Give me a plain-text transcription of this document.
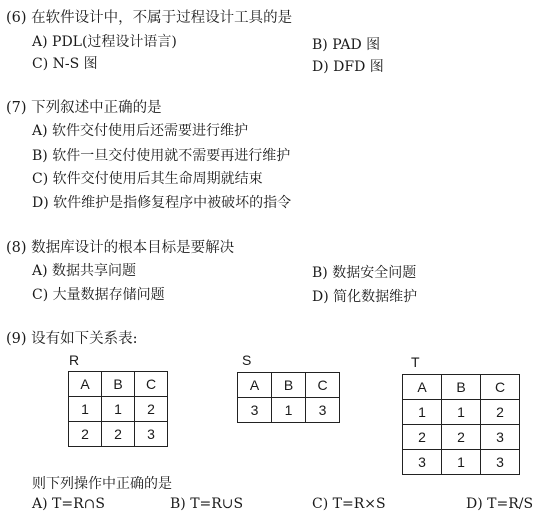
(6) 在软件设计中，不属于过程设计工具的是
A) PDL(过程设计语言)	B) PAD 图
C) N-S 图	D) DFD 图
(7) 下列叙述中正确的是
A) 软件交付使用后还需要进行维护
B) 软件一旦交付使用就不需要再进行维护
C) 软件交付使用后其生命周期就结束
D) 软件维护是指修复程序中被破坏的指令
(8) 数据库设计的根本目标是要解决
A) 数据共享问题	B) 数据安全问题
C) 大量数据存储问题	D) 简化数据维护
(9) 设有如下关系表:
R
A	B	C
1	1	2
2	2	3
S
A	B	C
3	1	3
T
A	B	C
1	1	2
2	2	3
3	1	3
则下列操作中正确的是
A) T=R∩S	B) T=R∪S	C) T=R×S	D) T=R/S
